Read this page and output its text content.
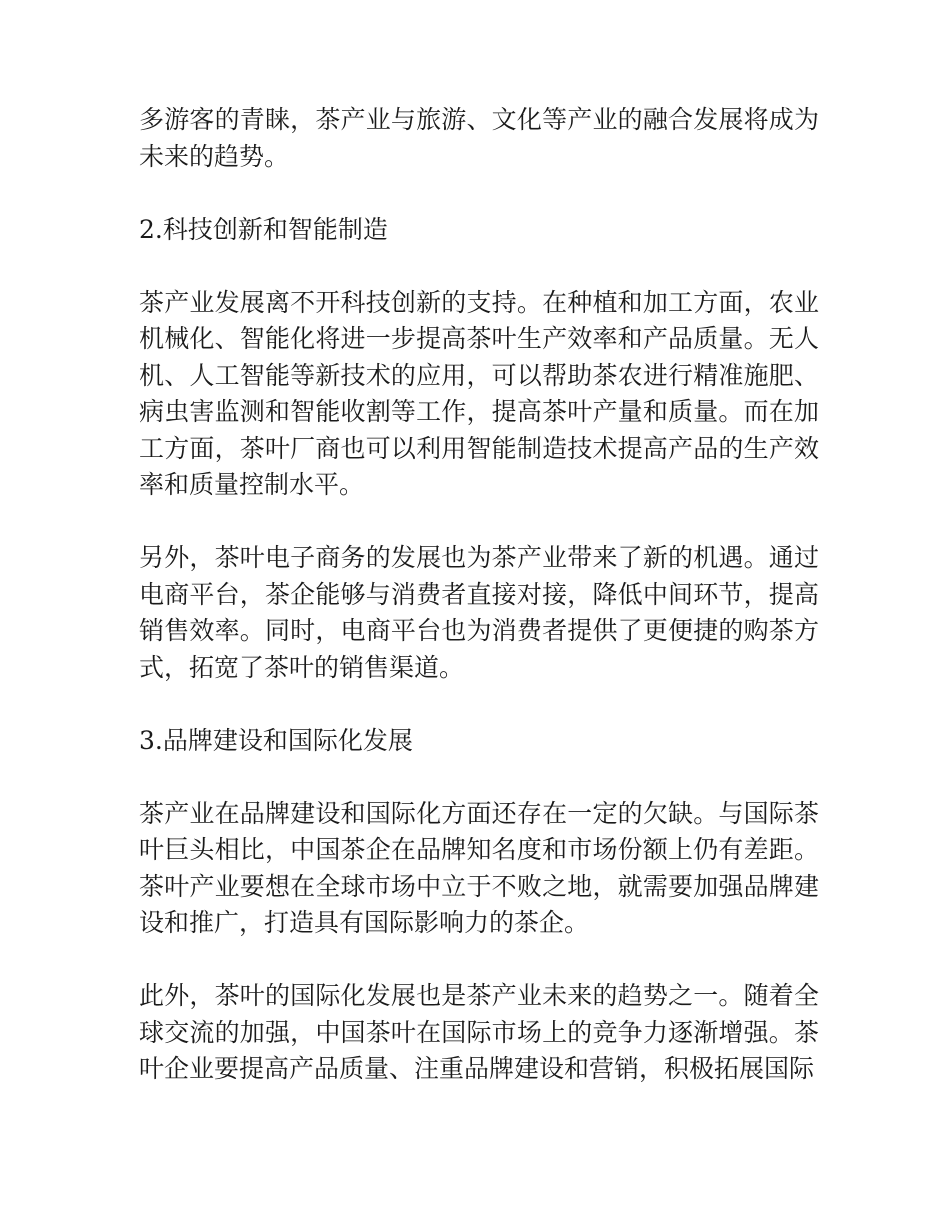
多游客的青睐，茶产业与旅游、文化等产业的融合发展将成为未来的趋势。

2.科技创新和智能制造

茶产业发展离不开科技创新的支持。在种植和加工方面，农业机械化、智能化将进一步提高茶叶生产效率和产品质量。无人机、人工智能等新技术的应用，可以帮助茶农进行精准施肥、病虫害监测和智能收割等工作，提高茶叶产量和质量。而在加工方面，茶叶厂商也可以利用智能制造技术提高产品的生产效率和质量控制水平。

另外，茶叶电子商务的发展也为茶产业带来了新的机遇。通过电商平台，茶企能够与消费者直接对接，降低中间环节，提高销售效率。同时，电商平台也为消费者提供了更便捷的购茶方式，拓宽了茶叶的销售渠道。

3.品牌建设和国际化发展

茶产业在品牌建设和国际化方面还存在一定的欠缺。与国际茶叶巨头相比，中国茶企在品牌知名度和市场份额上仍有差距。茶叶产业要想在全球市场中立于不败之地，就需要加强品牌建设和推广，打造具有国际影响力的茶企。

此外，茶叶的国际化发展也是茶产业未来的趋势之一。随着全球交流的加强，中国茶叶在国际市场上的竞争力逐渐增强。茶叶企业要提高产品质量、注重品牌建设和营销，积极拓展国际
